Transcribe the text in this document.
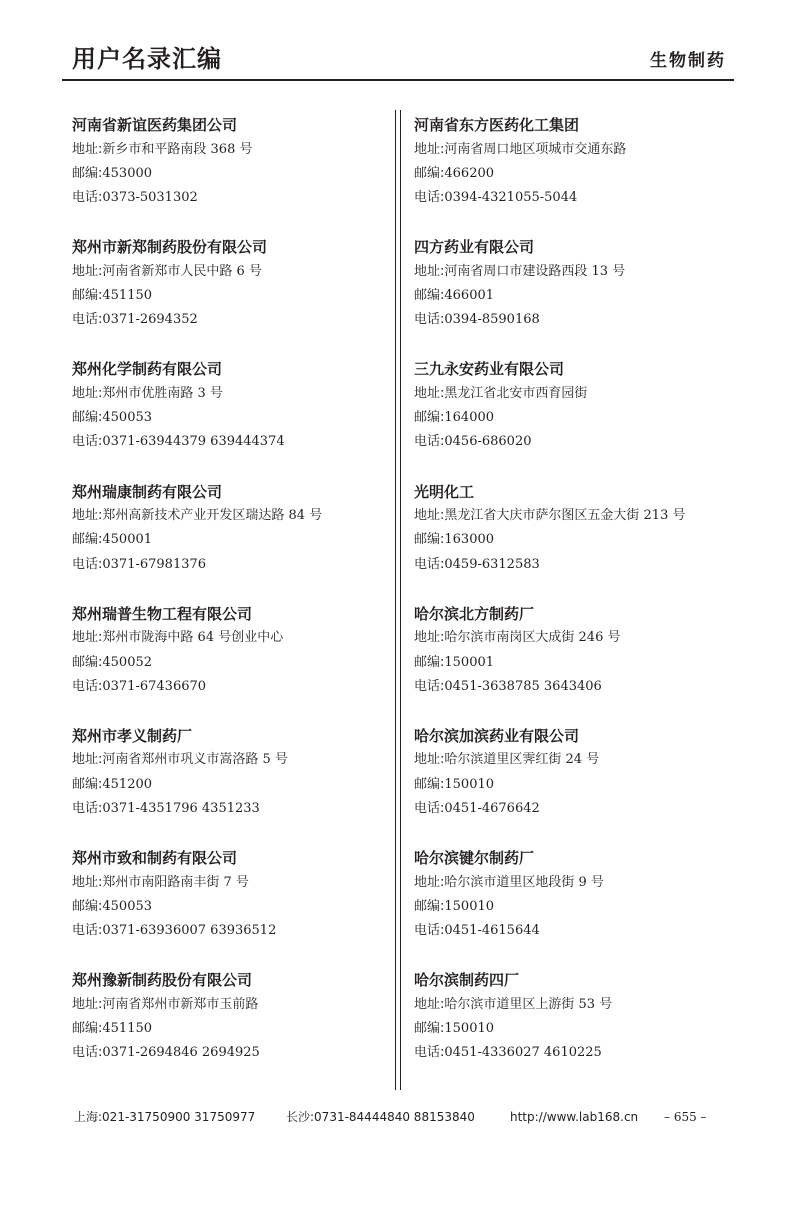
用户名录汇编	生物制药
河南省新谊医药集团公司
地址:新乡市和平路南段 368 号
邮编:453000
电话:0373-5031302
郑州市新郑制药股份有限公司
地址:河南省新郑市人民中路 6 号
邮编:451150
电话:0371-2694352
郑州化学制药有限公司
地址:郑州市优胜南路 3 号
邮编:450053
电话:0371-63944379 639444374
郑州瑞康制药有限公司
地址:郑州高新技术产业开发区瑞达路 84 号
邮编:450001
电话:0371-67981376
郑州瑞普生物工程有限公司
地址:郑州市陇海中路 64 号创业中心
邮编:450052
电话:0371-67436670
郑州市孝义制药厂
地址:河南省郑州市巩义市嵩洛路 5 号
邮编:451200
电话:0371-4351796 4351233
郑州市致和制药有限公司
地址:郑州市南阳路南丰街 7 号
邮编:450053
电话:0371-63936007 63936512
郑州豫新制药股份有限公司
地址:河南省郑州市新郑市玉前路
邮编:451150
电话:0371-2694846 2694925
河南省东方医药化工集团
地址:河南省周口地区项城市交通东路
邮编:466200
电话:0394-4321055-5044
四方药业有限公司
地址:河南省周口市建设路西段 13 号
邮编:466001
电话:0394-8590168
三九永安药业有限公司
地址:黑龙江省北安市西育园街
邮编:164000
电话:0456-686020
光明化工
地址:黑龙江省大庆市萨尔图区五金大街 213 号
邮编:163000
电话:0459-6312583
哈尔滨北方制药厂
地址:哈尔滨市南岗区大成街 246 号
邮编:150001
电话:0451-3638785 3643406
哈尔滨加滨药业有限公司
地址:哈尔滨道里区霁红街 24 号
邮编:150010
电话:0451-4676642
哈尔滨键尔制药厂
地址:哈尔滨市道里区地段街 9 号
邮编:150010
电话:0451-4615644
哈尔滨制药四厂
地址:哈尔滨市道里区上游街 53 号
邮编:150010
电话:0451-4336027 4610225
上海:021-31750900 31750977	长沙:0731-84444840 88153840	http://www.lab168.cn – 655 –
